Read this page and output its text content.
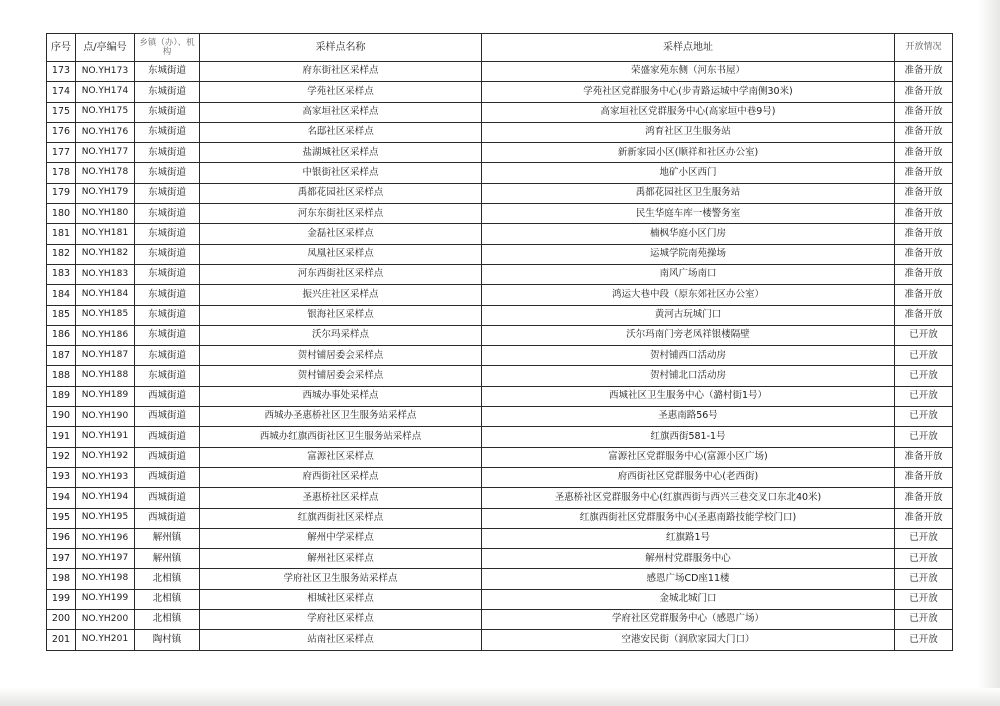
序号	点/亭编号	乡镇（办）、机构	采样点名称	采样点地址	开放情况
173	NO.YH173	东城街道	府东街社区采样点	荣盛家苑东侧（河东书屋）	准备开放
174	NO.YH174	东城街道	学苑社区采样点	学苑社区党群服务中心(步青路运城中学南侧30米)	准备开放
175	NO.YH175	东城街道	高家垣社区采样点	高家垣社区党群服务中心(高家垣中巷9号)	准备开放
176	NO.YH176	东城街道	名邸社区采样点	鸿育社区卫生服务站	准备开放
177	NO.YH177	东城街道	盐湖城社区采样点	新新家园小区(顺祥和社区办公室)	准备开放
178	NO.YH178	东城街道	中银街社区采样点	地矿小区西门	准备开放
179	NO.YH179	东城街道	禹都花园社区采样点	禹都花园社区卫生服务站	准备开放
180	NO.YH180	东城街道	河东东街社区采样点	民生华庭车库一楼警务室	准备开放
181	NO.YH181	东城街道	金磊社区采样点	楠枫华庭小区门房	准备开放
182	NO.YH182	东城街道	凤凰社区采样点	运城学院南苑操场	准备开放
183	NO.YH183	东城街道	河东西街社区采样点	南风广场南口	准备开放
184	NO.YH184	东城街道	振兴庄社区采样点	鸿运大巷中段（原东郊社区办公室）	准备开放
185	NO.YH185	东城街道	银海社区采样点	黄河古玩城门口	准备开放
186	NO.YH186	东城街道	沃尔玛采样点	沃尔玛南门旁老凤祥银楼隔壁	已开放
187	NO.YH187	东城街道	贺村铺居委会采样点	贺村铺西口活动房	已开放
188	NO.YH188	东城街道	贺村铺居委会采样点	贺村铺北口活动房	已开放
189	NO.YH189	西城街道	西城办事处采样点	西城社区卫生服务中心（潞村街1号）	已开放
190	NO.YH190	西城街道	西城办圣惠桥社区卫生服务站采样点	圣惠南路56号	已开放
191	NO.YH191	西城街道	西城办红旗西街社区卫生服务站采样点	红旗西街581-1号	已开放
192	NO.YH192	西城街道	富源社区采样点	富源社区党群服务中心(富源小区广场)	准备开放
193	NO.YH193	西城街道	府西街社区采样点	府西街社区党群服务中心(老西街)	准备开放
194	NO.YH194	西城街道	圣惠桥社区采样点	圣惠桥社区党群服务中心(红旗西街与西兴三巷交叉口东北40米)	准备开放
195	NO.YH195	西城街道	红旗西街社区采样点	红旗西街社区党群服务中心(圣惠南路技能学校门口)	准备开放
196	NO.YH196	解州镇	解州中学采样点	红旗路1号	已开放
197	NO.YH197	解州镇	解州社区采样点	解州村党群服务中心	已开放
198	NO.YH198	北相镇	学府社区卫生服务站采样点	感恩广场CD座11楼	已开放
199	NO.YH199	北相镇	相城社区采样点	金城北城门口	已开放
200	NO.YH200	北相镇	学府社区采样点	学府社区党群服务中心（感恩广场）	已开放
201	NO.YH201	陶村镇	站南社区采样点	空港安民街（润欣家园大门口）	已开放
